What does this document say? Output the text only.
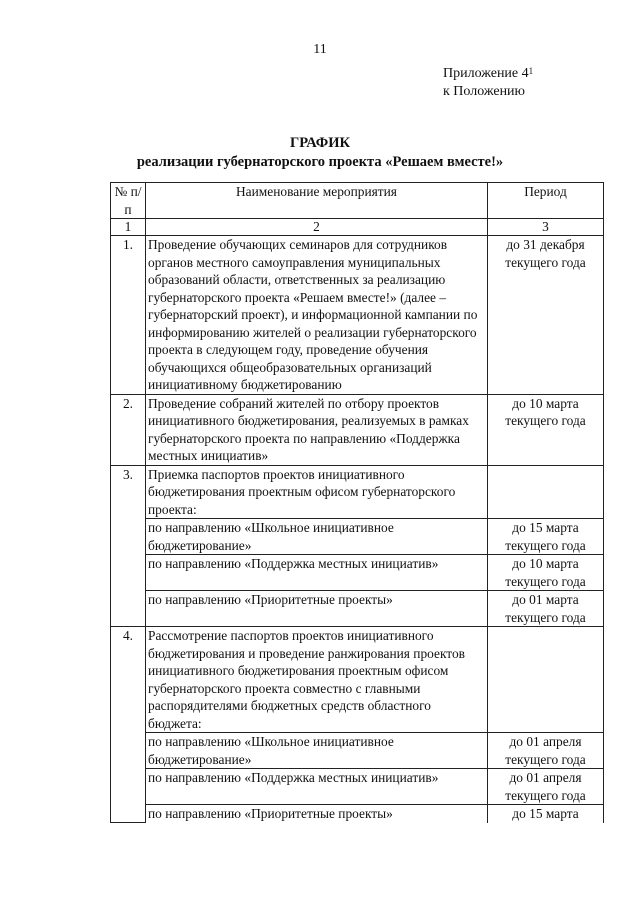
11
Приложение $4^1$
к Положению
ГРАФИК
реализации губернаторского проекта «Решаем вместе!»
№ п/п	Наименование мероприятия	Период
1	2	3
1.	Проведение обучающих семинаров для сотрудников органов местного самоуправления муниципальных образований области, ответственных за реализацию губернаторского проекта «Решаем вместе!» (далее – губернаторский проект), и информационной кампании по информированию жителей о реализации губернаторского проекта в следующем году, проведение обучения обучающихся общеобразовательных организаций инициативному бюджетированию	до 31 декабря текущего года
2.	Проведение собраний жителей по отбору проектов инициативного бюджетирования, реализуемых в рамках губернаторского проекта по направлению «Поддержка местных инициатив»	до 10 марта текущего года
3.	Приемка паспортов проектов инициативного бюджетирования проектным офисом губернаторского проекта:	
	по направлению «Школьное инициативное бюджетирование»	до 15 марта текущего года
	по направлению «Поддержка местных инициатив»	до 10 марта текущего года
	по направлению «Приоритетные проекты»	до 01 марта текущего года
4.	Рассмотрение паспортов проектов инициативного бюджетирования и проведение ранжирования проектов инициативного бюджетирования проектным офисом губернаторского проекта совместно с главными распорядителями бюджетных средств областного бюджета:	
	по направлению «Школьное инициативное бюджетирование»	до 01 апреля текущего года
	по направлению «Поддержка местных инициатив»	до 01 апреля текущего года
	по направлению «Приоритетные проекты»	до 15 марта
